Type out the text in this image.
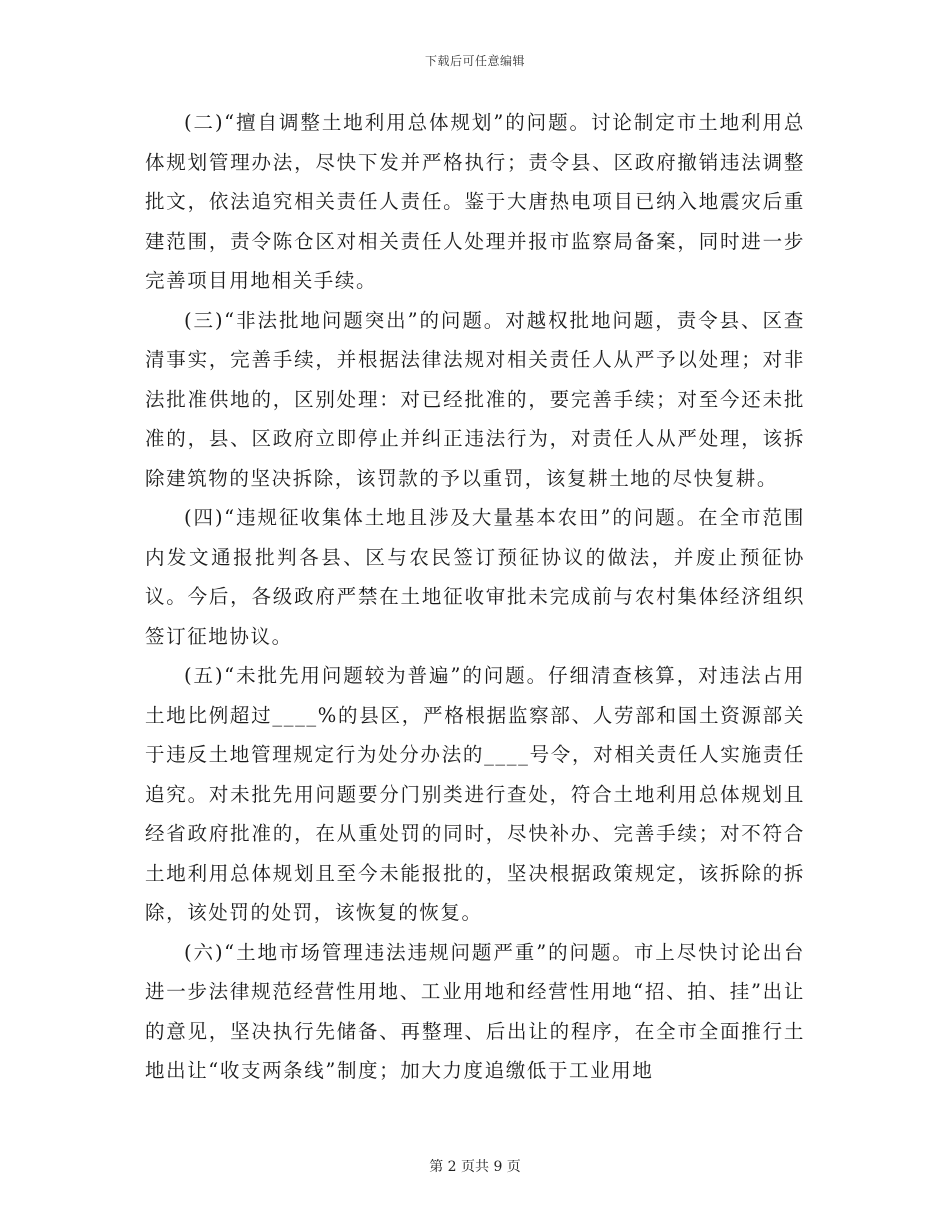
下载后可任意编辑

(二)“擅自调整土地利用总体规划”的问题。讨论制定市土地利用总体规划管理办法，尽快下发并严格执行；责令县、区政府撤销违法调整批文，依法追究相关责任人责任。鉴于大唐热电项目已纳入地震灾后重建范围，责令陈仓区对相关责任人处理并报市监察局备案，同时进一步完善项目用地相关手续。

(三)“非法批地问题突出”的问题。对越权批地问题，责令县、区查清事实，完善手续，并根据法律法规对相关责任人从严予以处理；对非法批准供地的，区别处理：对已经批准的，要完善手续；对至今还未批准的，县、区政府立即停止并纠正违法行为，对责任人从严处理，该拆除建筑物的坚决拆除，该罚款的予以重罚，该复耕土地的尽快复耕。

(四)“违规征收集体土地且涉及大量基本农田”的问题。在全市范围内发文通报批判各县、区与农民签订预征协议的做法，并废止预征协议。今后，各级政府严禁在土地征收审批未完成前与农村集体经济组织签订征地协议。

(五)“未批先用问题较为普遍”的问题。仔细清查核算，对违法占用土地比例超过____%的县区，严格根据监察部、人劳部和国土资源部关于违反土地管理规定行为处分办法的____号令，对相关责任人实施责任追究。对未批先用问题要分门别类进行查处，符合土地利用总体规划且经省政府批准的，在从重处罚的同时，尽快补办、完善手续；对不符合土地利用总体规划且至今未能报批的，坚决根据政策规定，该拆除的拆除，该处罚的处罚，该恢复的恢复。

(六)“土地市场管理违法违规问题严重”的问题。市上尽快讨论出台进一步法律规范经营性用地、工业用地和经营性用地“招、拍、挂”出让的意见，坚决执行先储备、再整理、后出让的程序，在全市全面推行土地出让“收支两条线”制度；加大力度追缴低于工业用地

第 2 页共 9 页
